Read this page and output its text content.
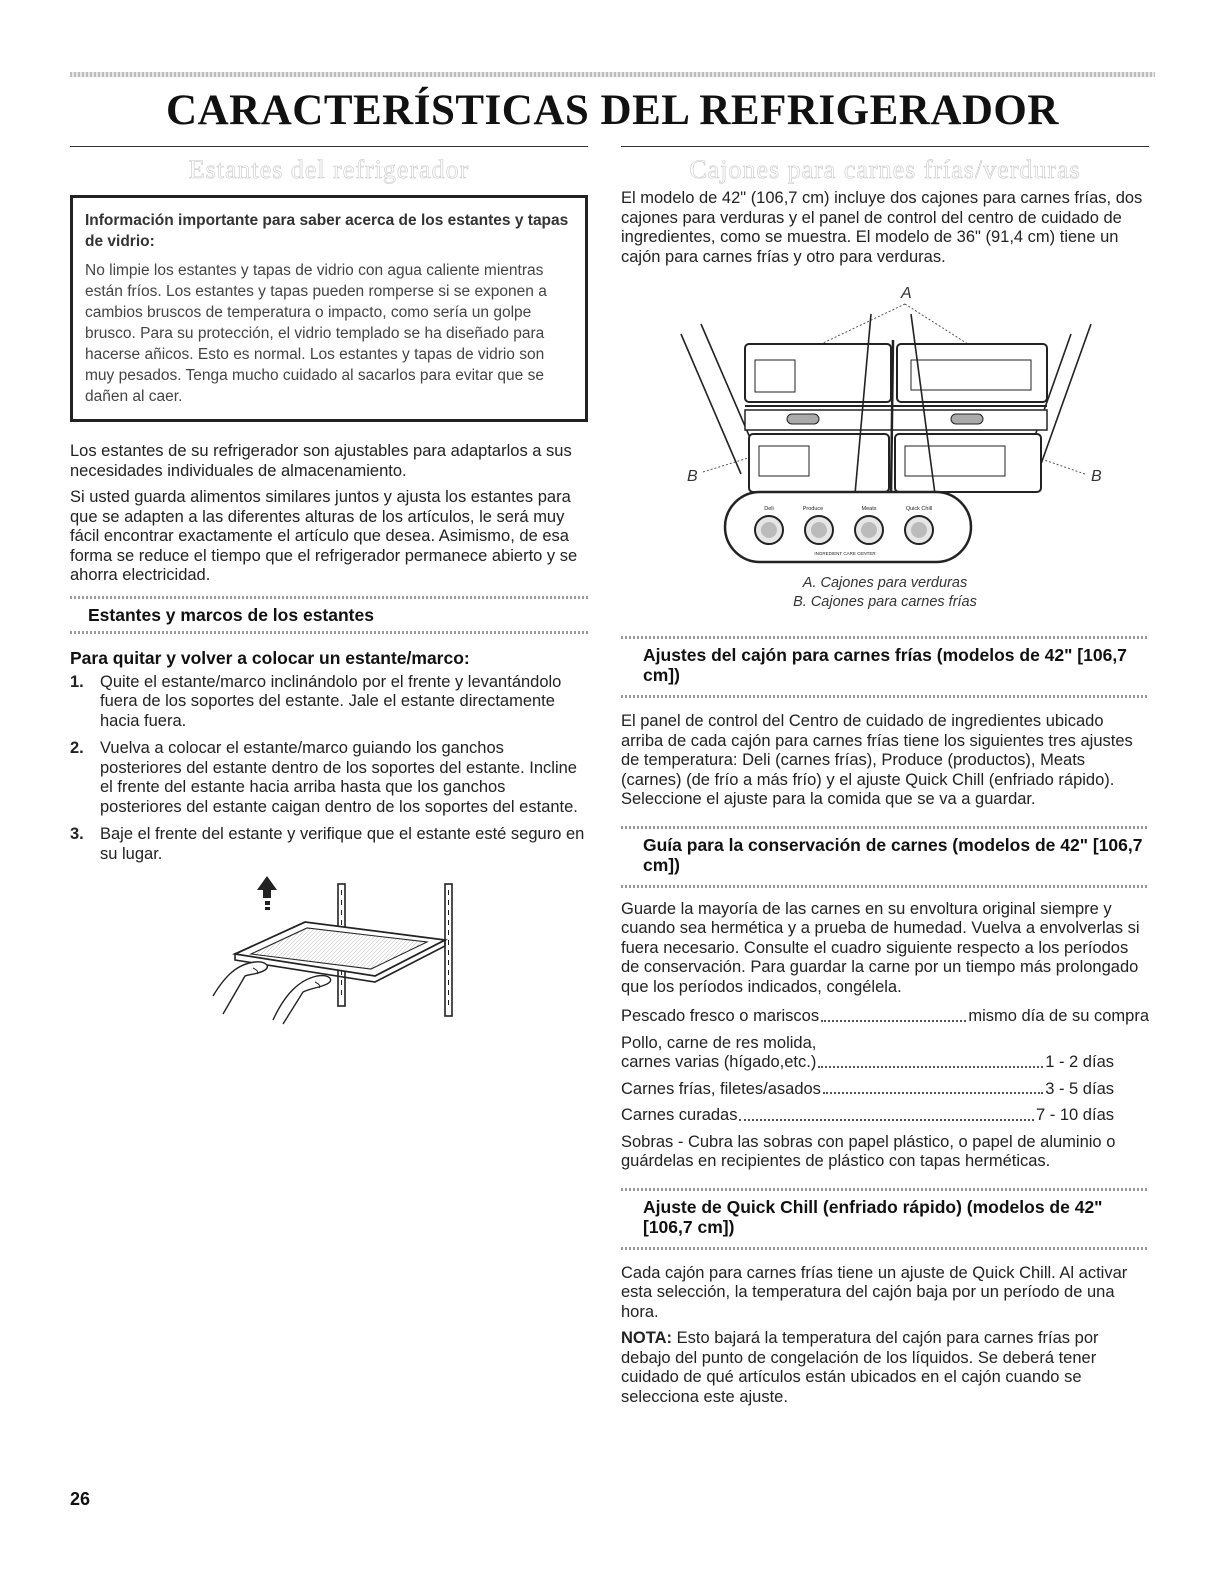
CARACTERÍSTICAS DEL REFRIGERADOR
Estantes del refrigerador
Información importante para saber acerca de los estantes y tapas de vidrio:
No limpie los estantes y tapas de vidrio con agua caliente mientras están fríos. Los estantes y tapas pueden romperse si se exponen a cambios bruscos de temperatura o impacto, como sería un golpe brusco. Para su protección, el vidrio templado se ha diseñado para hacerse añicos. Esto es normal. Los estantes y tapas de vidrio son muy pesados. Tenga mucho cuidado al sacarlos para evitar que se dañen al caer.

Los estantes de su refrigerador son ajustables para adaptarlos a sus necesidades individuales de almacenamiento.

Si usted guarda alimentos similares juntos y ajusta los estantes para que se adapten a las diferentes alturas de los artículos, le será muy fácil encontrar exactamente el artículo que desea. Asimismo, de esa forma se reduce el tiempo que el refrigerador permanece abierto y se ahorra electricidad.

Estantes y marcos de los estantes
Para quitar y volver a colocar un estante/marco:
1. Quite el estante/marco inclinándolo por el frente y levantándolo fuera de los soportes del estante. Jale el estante directamente hacia fuera.
2. Vuelva a colocar el estante/marco guiando los ganchos posteriores del estante dentro de los soportes del estante. Incline el frente del estante hacia arriba hasta que los ganchos posteriores del estante caigan dentro de los soportes del estante.
3. Baje el frente del estante y verifique que el estante esté seguro en su lugar.
Cajones para carnes frías/verduras

El modelo de 42" (106,7 cm) incluye dos cajones para carnes frías, dos cajones para verduras y el panel de control del centro de cuidado de ingredientes, como se muestra. El modelo de 36" (91,4 cm) tiene un cajón para carnes frías y otro para verduras.

A
B	B
Deli	Produce	Meats	Quick Chill
INGREDIENT CARE CENTER
A. Cajones para verduras
B. Cajones para carnes frías
Ajustes del cajón para carnes frías (modelos de 42" [106,7 cm])

El panel de control del Centro de cuidado de ingredientes ubicado arriba de cada cajón para carnes frías tiene los siguientes tres ajustes de temperatura: Deli (carnes frías), Produce (productos), Meats (carnes) (de frío a más frío) y el ajuste Quick Chill (enfriado rápido). Seleccione el ajuste para la comida que se va a guardar.

Guía para la conservación de carnes (modelos de 42" [106,7 cm])

Guarde la mayoría de las carnes en su envoltura original siempre y cuando sea hermética y a prueba de humedad. Vuelva a envolverlas si fuera necesario. Consulte el cuadro siguiente respecto a los períodos de conservación. Para guardar la carne por un tiempo más prolongado que los períodos indicados, congélela.

Pescado fresco o mariscos	mismo día de su compra
Pollo, carne de res molida,
carnes varias (hígado,etc.)	1 - 2 días
Carnes frías, filetes/asados	3 - 5 días
Carnes curadas	7 - 10 días

Sobras - Cubra las sobras con papel plástico, o papel de aluminio o guárdelas en recipientes de plástico con tapas herméticas.

Ajuste de Quick Chill (enfriado rápido) (modelos de 42" [106,7 cm])

Cada cajón para carnes frías tiene un ajuste de Quick Chill. Al activar esta selección, la temperatura del cajón baja por un período de una hora.

NOTA: Esto bajará la temperatura del cajón para carnes frías por debajo del punto de congelación de los líquidos. Se deberá tener cuidado de qué artículos están ubicados en el cajón cuando se selecciona este ajuste.

26
